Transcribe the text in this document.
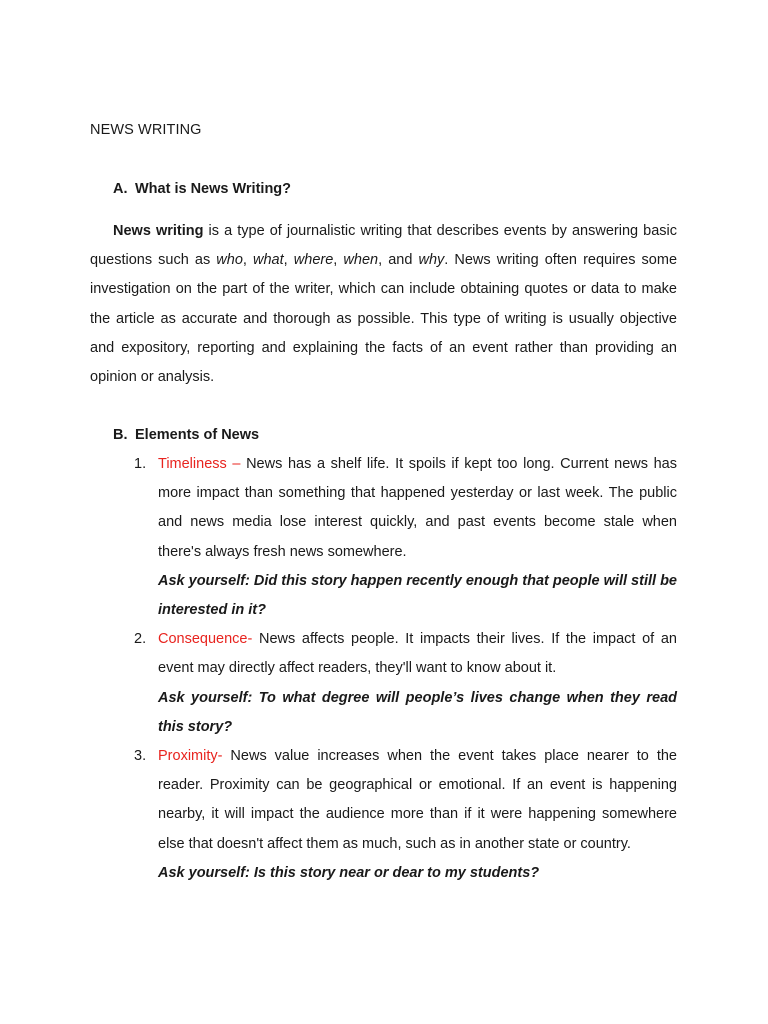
NEWS WRITING
A. What is News Writing?

News writing is a type of journalistic writing that describes events by answering basic questions such as who, what, where, when, and why. News writing often requires some investigation on the part of the writer, which can include obtaining quotes or data to make the article as accurate and thorough as possible. This type of writing is usually objective and expository, reporting and explaining the facts of an event rather than providing an opinion or analysis.

B. Elements of News
1. Timeliness – News has a shelf life. It spoils if kept too long. Current news has more impact than something that happened yesterday or last week. The public and news media lose interest quickly, and past events become stale when there's always fresh news somewhere.

Ask yourself: Did this story happen recently enough that people will still be interested in it?

2. Consequence- News affects people. It impacts their lives. If the impact of an event may directly affect readers, they'll want to know about it.

Ask yourself: To what degree will people’s lives change when they read this story?

3. Proximity- News value increases when the event takes place nearer to the reader. Proximity can be geographical or emotional. If an event is happening nearby, it will impact the audience more than if it were happening somewhere else that doesn't affect them as much, such as in another state or country.

Ask yourself: Is this story near or dear to my students?
